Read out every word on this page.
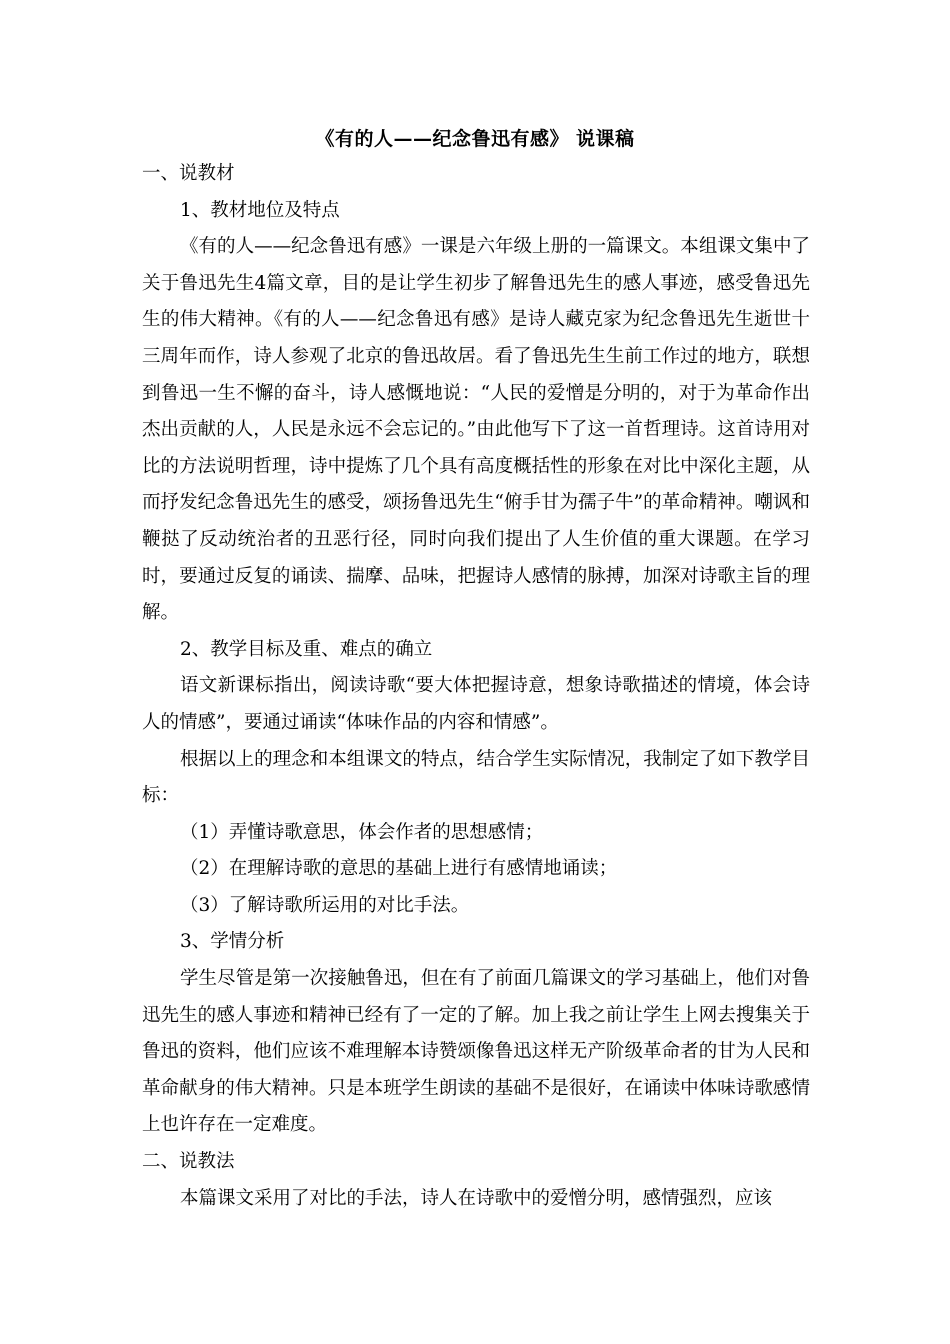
《有的人——纪念鲁迅有感》 说课稿

一、说教材

1、教材地位及特点

《有的人——纪念鲁迅有感》一课是六年级上册的一篇课文。本组课文集中了关于鲁迅先生4篇文章，目的是让学生初步了解鲁迅先生的感人事迹，感受鲁迅先生的伟大精神。《有的人——纪念鲁迅有感》是诗人藏克家为纪念鲁迅先生逝世十三周年而作，诗人参观了北京的鲁迅故居。看了鲁迅先生生前工作过的地方，联想到鲁迅一生不懈的奋斗，诗人感慨地说：“人民的爱憎是分明的，对于为革命作出杰出贡献的人，人民是永远不会忘记的。”由此他写下了这一首哲理诗。这首诗用对比的方法说明哲理，诗中提炼了几个具有高度概括性的形象在对比中深化主题，从而抒发纪念鲁迅先生的感受，颂扬鲁迅先生“俯手甘为孺子牛”的革命精神。嘲讽和鞭挞了反动统治者的丑恶行径，同时向我们提出了人生价值的重大课题。在学习时，要通过反复的诵读、揣摩、品味，把握诗人感情的脉搏，加深对诗歌主旨的理解。

2、教学目标及重、难点的确立

语文新课标指出，阅读诗歌“要大体把握诗意，想象诗歌描述的情境，体会诗人的情感”，要通过诵读“体味作品的内容和情感”。

根据以上的理念和本组课文的特点，结合学生实际情况，我制定了如下教学目标：

（1）弄懂诗歌意思，体会作者的思想感情；

（2）在理解诗歌的意思的基础上进行有感情地诵读；

（3）了解诗歌所运用的对比手法。

3、学情分析

学生尽管是第一次接触鲁迅，但在有了前面几篇课文的学习基础上，他们对鲁迅先生的感人事迹和精神已经有了一定的了解。加上我之前让学生上网去搜集关于鲁迅的资料，他们应该不难理解本诗赞颂像鲁迅这样无产阶级革命者的甘为人民和革命献身的伟大精神。只是本班学生朗读的基础不是很好，在诵读中体味诗歌感情上也许存在一定难度。

二、说教法

本篇课文采用了对比的手法，诗人在诗歌中的爱憎分明，感情强烈，应该
